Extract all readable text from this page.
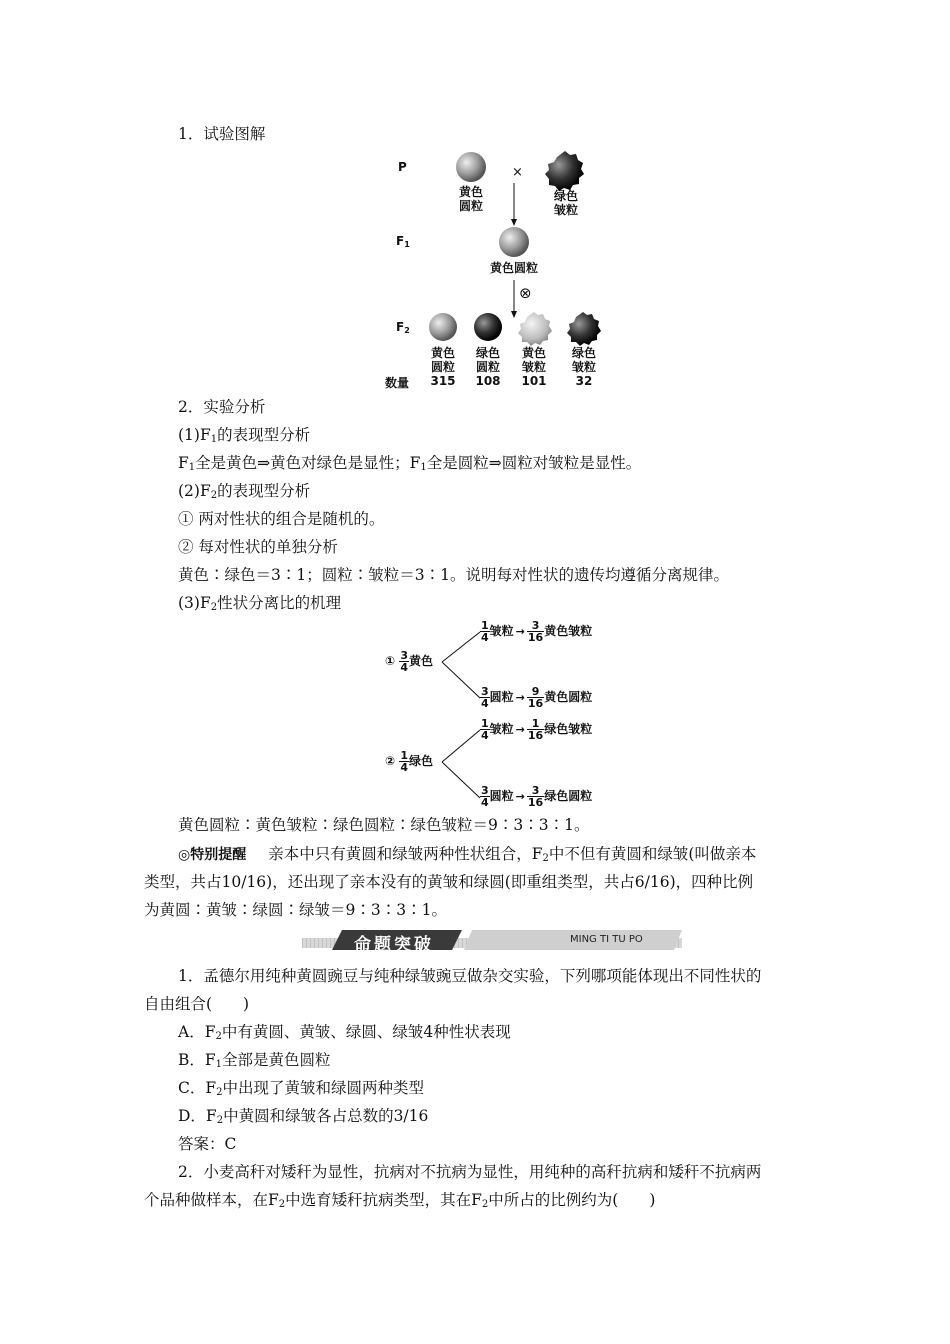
1．试验图解
P	×
黄色
圆粒
绿色
皱粒
$F_1$
黄色圆粒
⊗
$F_2$
黄色
圆粒
315
绿色
圆粒
108
黄色
皱粒
101
绿色
皱粒
32
数量
2．实验分析
$(1)F_1$的表现型分析
$F_1$全是黄色⇒黄色对绿色是显性；$F_1$全是圆粒⇒圆粒对皱粒是显性。
$(2)F_2$的表现型分析
① 两对性状的组合是随机的。
② 每对性状的单独分析
黄色∶绿色＝3∶1；圆粒∶皱粒＝3∶1。说明每对性状的遗传均遵循分离规律。
$(3)F_2$性状分离比的机理
① $\frac{3}{4}$ 黄色
② $\frac{1}{4}$ 绿色
$\frac{1}{4}$ 皱粒 → $\frac{3}{16}$ 黄色皱粒
$\frac{3}{4}$ 圆粒 → $\frac{9}{16}$ 黄色圆粒
$\frac{1}{4}$ 皱粒 → $\frac{1}{16}$ 绿色皱粒
$\frac{3}{4}$ 圆粒 → $\frac{3}{16}$ 绿色圆粒
黄色圆粒∶黄色皱粒∶绿色圆粒∶绿色皱粒＝9∶3∶3∶1。
◎特别提醒 亲本中只有黄圆和绿皱两种性状组合，$F_2$中不但有黄圆和绿皱(叫做亲本
类型，共占10/16)，还出现了亲本没有的黄皱和绿圆(即重组类型，共占6/16)，四种比例
为黄圆∶黄皱∶绿圆∶绿皱＝9∶3∶3∶1。
命题突破	MING TI TU PO
1．孟德尔用纯种黄圆豌豆与纯种绿皱豌豆做杂交实验，下列哪项能体现出不同性状的
自由组合(　　)
A．$F_2$中有黄圆、黄皱、绿圆、绿皱4种性状表现
B．$F_1$全部是黄色圆粒
C．$F_2$中出现了黄皱和绿圆两种类型
D．$F_2$中黄圆和绿皱各占总数的3/16
答案：C
2．小麦高秆对矮秆为显性，抗病对不抗病为显性，用纯种的高秆抗病和矮秆不抗病两
个品种做样本，在$F_2$中选育矮秆抗病类型，其在$F_2$中所占的比例约为(　　)
